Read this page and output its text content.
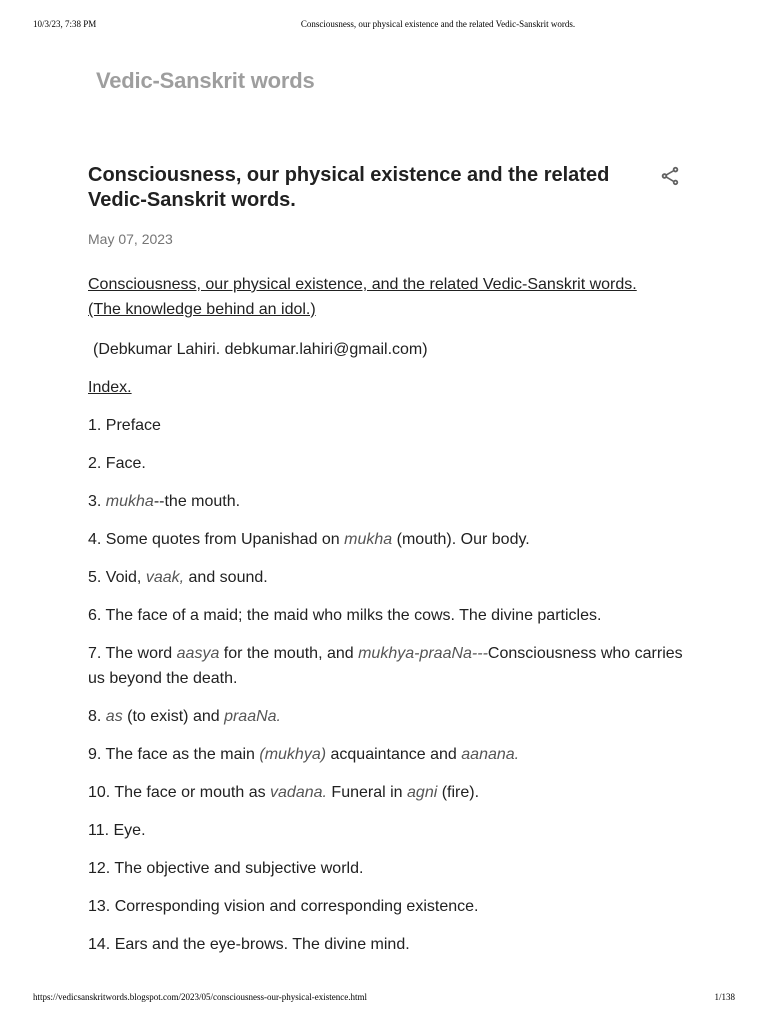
10/3/23, 7:38 PM	Consciousness, our physical existence and the related Vedic-Sanskrit words.
Vedic-Sanskrit words
Consciousness, our physical existence and the related Vedic-Sanskrit words.
May 07, 2023

Consciousness, our physical existence, and the related Vedic-Sanskrit words.
(The knowledge behind an idol.)

(Debkumar Lahiri. debkumar.lahiri@gmail.com)

Index.

1. Preface
2. Face.
3. mukha--the mouth.
4. Some quotes from Upanishad on mukha (mouth). Our body.
5. Void, vaak, and sound.
6. The face of a maid; the maid who milks the cows. The divine particles.
7. The word aasya for the mouth, and mukhya-praaNa---Consciousness who carries us beyond the death.
8. as (to exist) and praaNa.
9. The face as the main (mukhya) acquaintance and aanana.
10. The face or mouth as vadana. Funeral in agni (fire).
11. Eye.
12. The objective and subjective world.
13. Corresponding vision and corresponding existence.
14. Ears and the eye-brows. The divine mind.
https://vedicsanskritwords.blogspot.com/2023/05/consciousness-our-physical-existence.html	1/138
